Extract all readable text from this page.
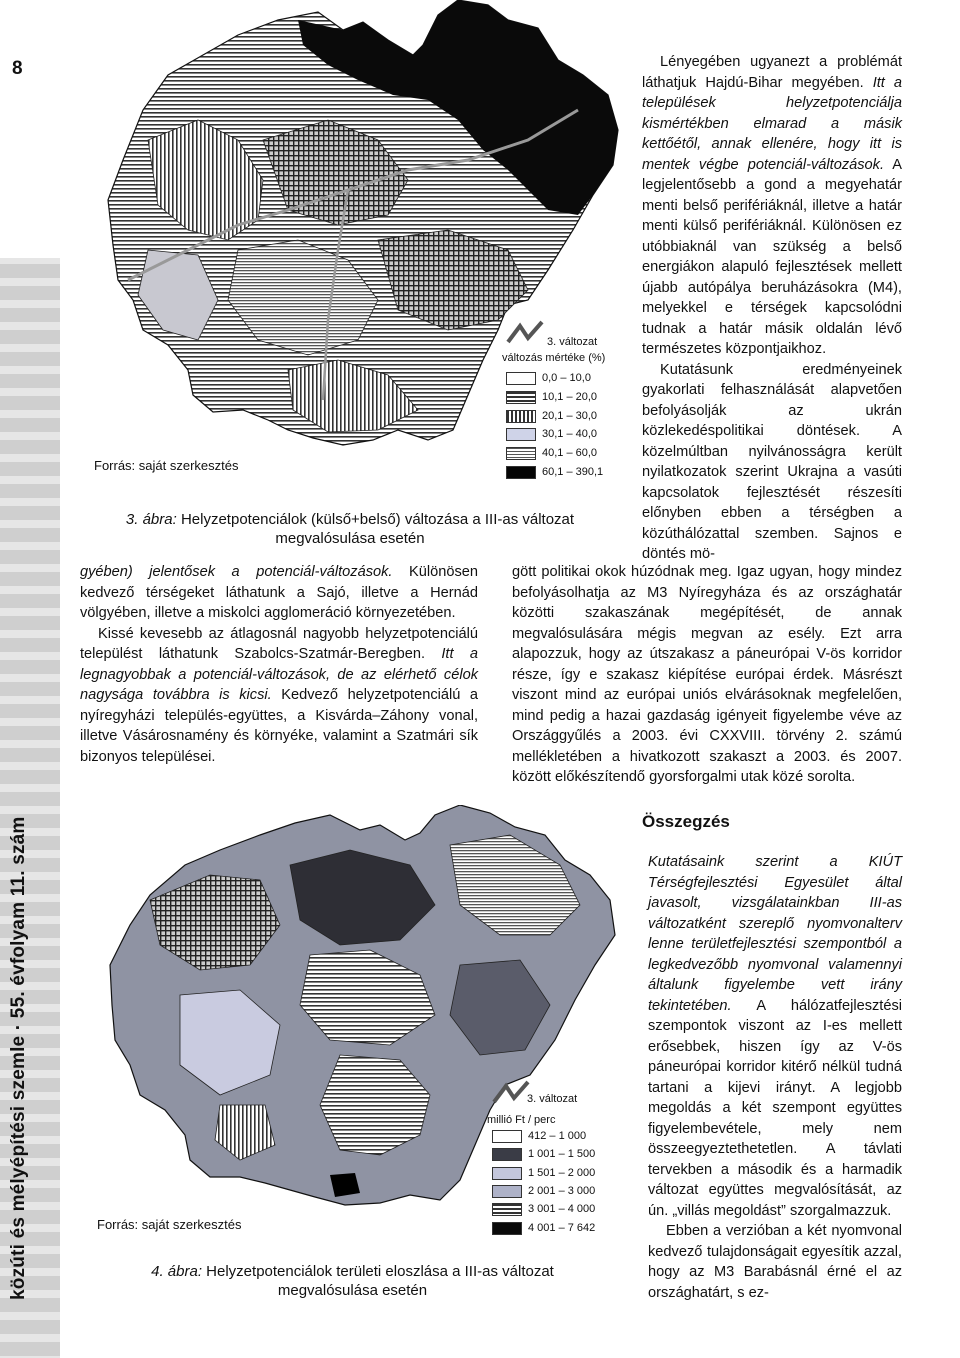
8
közúti és mélyépítési szemle · 55. évfolyam 11. szám
Forrás: saját szerkesztés
3. változat
változás mértéke (%)
0,0 – 10,0
10,1 – 20,0
20,1 – 30,0
30,1 – 40,0
40,1 – 60,0
60,1 – 390,1
3. ábra: Helyzetpotenciálok (külső+belső) változása a III-as változat megvalósulása esetén

gyében) jelentősek a potenciál-változások. Különösen kedvező térségeket láthatunk a Sajó, illetve a Hernád völgyében, illetve a miskolci agglomeráció környezetében.

Kissé kevesebb az átlagosnál nagyobb helyzetpotenciálú települést láthatunk Szabolcs-Szatmár-Beregben. Itt a legnagyobbak a potenciál-változások, de az elérhető célok nagysága továbbra is kicsi. Kedvező helyzetpotenciálú a nyíregyházi település-együttes, a Kisvárda–Záhony vonal, illetve Vásárosnamény és környéke, valamint a Szatmári sík bizonyos települései.

Lényegében ugyanezt a problémát láthatjuk Hajdú-Bihar megyében. Itt a települések helyzetpotenciálja kismértékben elmarad a másik kettőétől, annak ellenére, hogy itt is mentek végbe potenciál-változások. A legjelentősebb a gond a megyehatár menti belső perifériáknál, illetve a határ menti külső perifériáknál. Különösen ez utóbbiaknál van szükség a belső energiákon alapuló fejlesztések mellett újabb autópálya beruházásokra (M4), melyekkel e térségek kapcsolódni tudnak a határ másik oldalán lévő természetes központjaikhoz.

Kutatásunk eredményeinek gyakorlati felhasználását alapvetően befolyásolják az ukrán közlekedéspolitikai döntések. A közelmúltban nyilvánosságra került nyilatkozatok szerint Ukrajna a vasúti kapcsolatok fejlesztését részesíti előnyben ebben a térségben a közúthálózattal szemben. Sajnos e döntés mö-

gött politikai okok húzódnak meg. Igaz ugyan, hogy mindez befolyásolhatja az M3 Nyíregyháza és az országhatár közötti szakaszának megépítését, de annak megvalósulására mégis megvan az esély. Ezt arra alapozzuk, hogy az útszakasz a páneurópai V-ös korridor része, így e szakasz kiépítése európai érdek. Másrészt viszont mind az európai uniós elvárásoknak megfelelően, mind pedig a hazai gazdaság igényeit figyelembe véve az Országgyűlés a 2003. évi CXXVIII. törvény 2. számú mellékletében a hivatkozott szakaszt a 2003. és 2007. között előkészítendő gyorsforgalmi utak közé sorolta.
Összegzés

Kutatásaink szerint a KIÚT Térségfejlesztési Egyesület által javasolt, vizsgálatainkban III-as változatként szereplő nyomvonalterv lenne területfejlesztési szempontból a legkedvezőbb nyomvonal valamennyi általunk figyelembe vett irány tekintetében. A hálózatfejlesztési szempontok viszont az I-es mellett erősebbek, hiszen így az V-ös páneurópai korridor kitérő nélkül tudná tartani a kijevi irányt. A legjobb megoldás a két szempont együttes figyelembevétele, mely nem összeegyeztethetetlen. A távlati tervekben a második és a harmadik változat együttes megvalósítását, az ún. „villás megoldást” szorgalmazzuk.

Ebben a verzióban a két nyomvonal kedvező tulajdonságait egyesítik azzal, hogy az M3 Barabásnál érné el az országhatárt, s ez-

Forrás: saját szerkesztés
3. változat
millió Ft / perc
412 – 1 000
1 001 – 1 500
1 501 – 2 000
2 001 – 3 000
3 001 – 4 000
4 001 – 7 642
4. ábra: Helyzetpotenciálok területi eloszlása a III-as változat megvalósulása esetén
